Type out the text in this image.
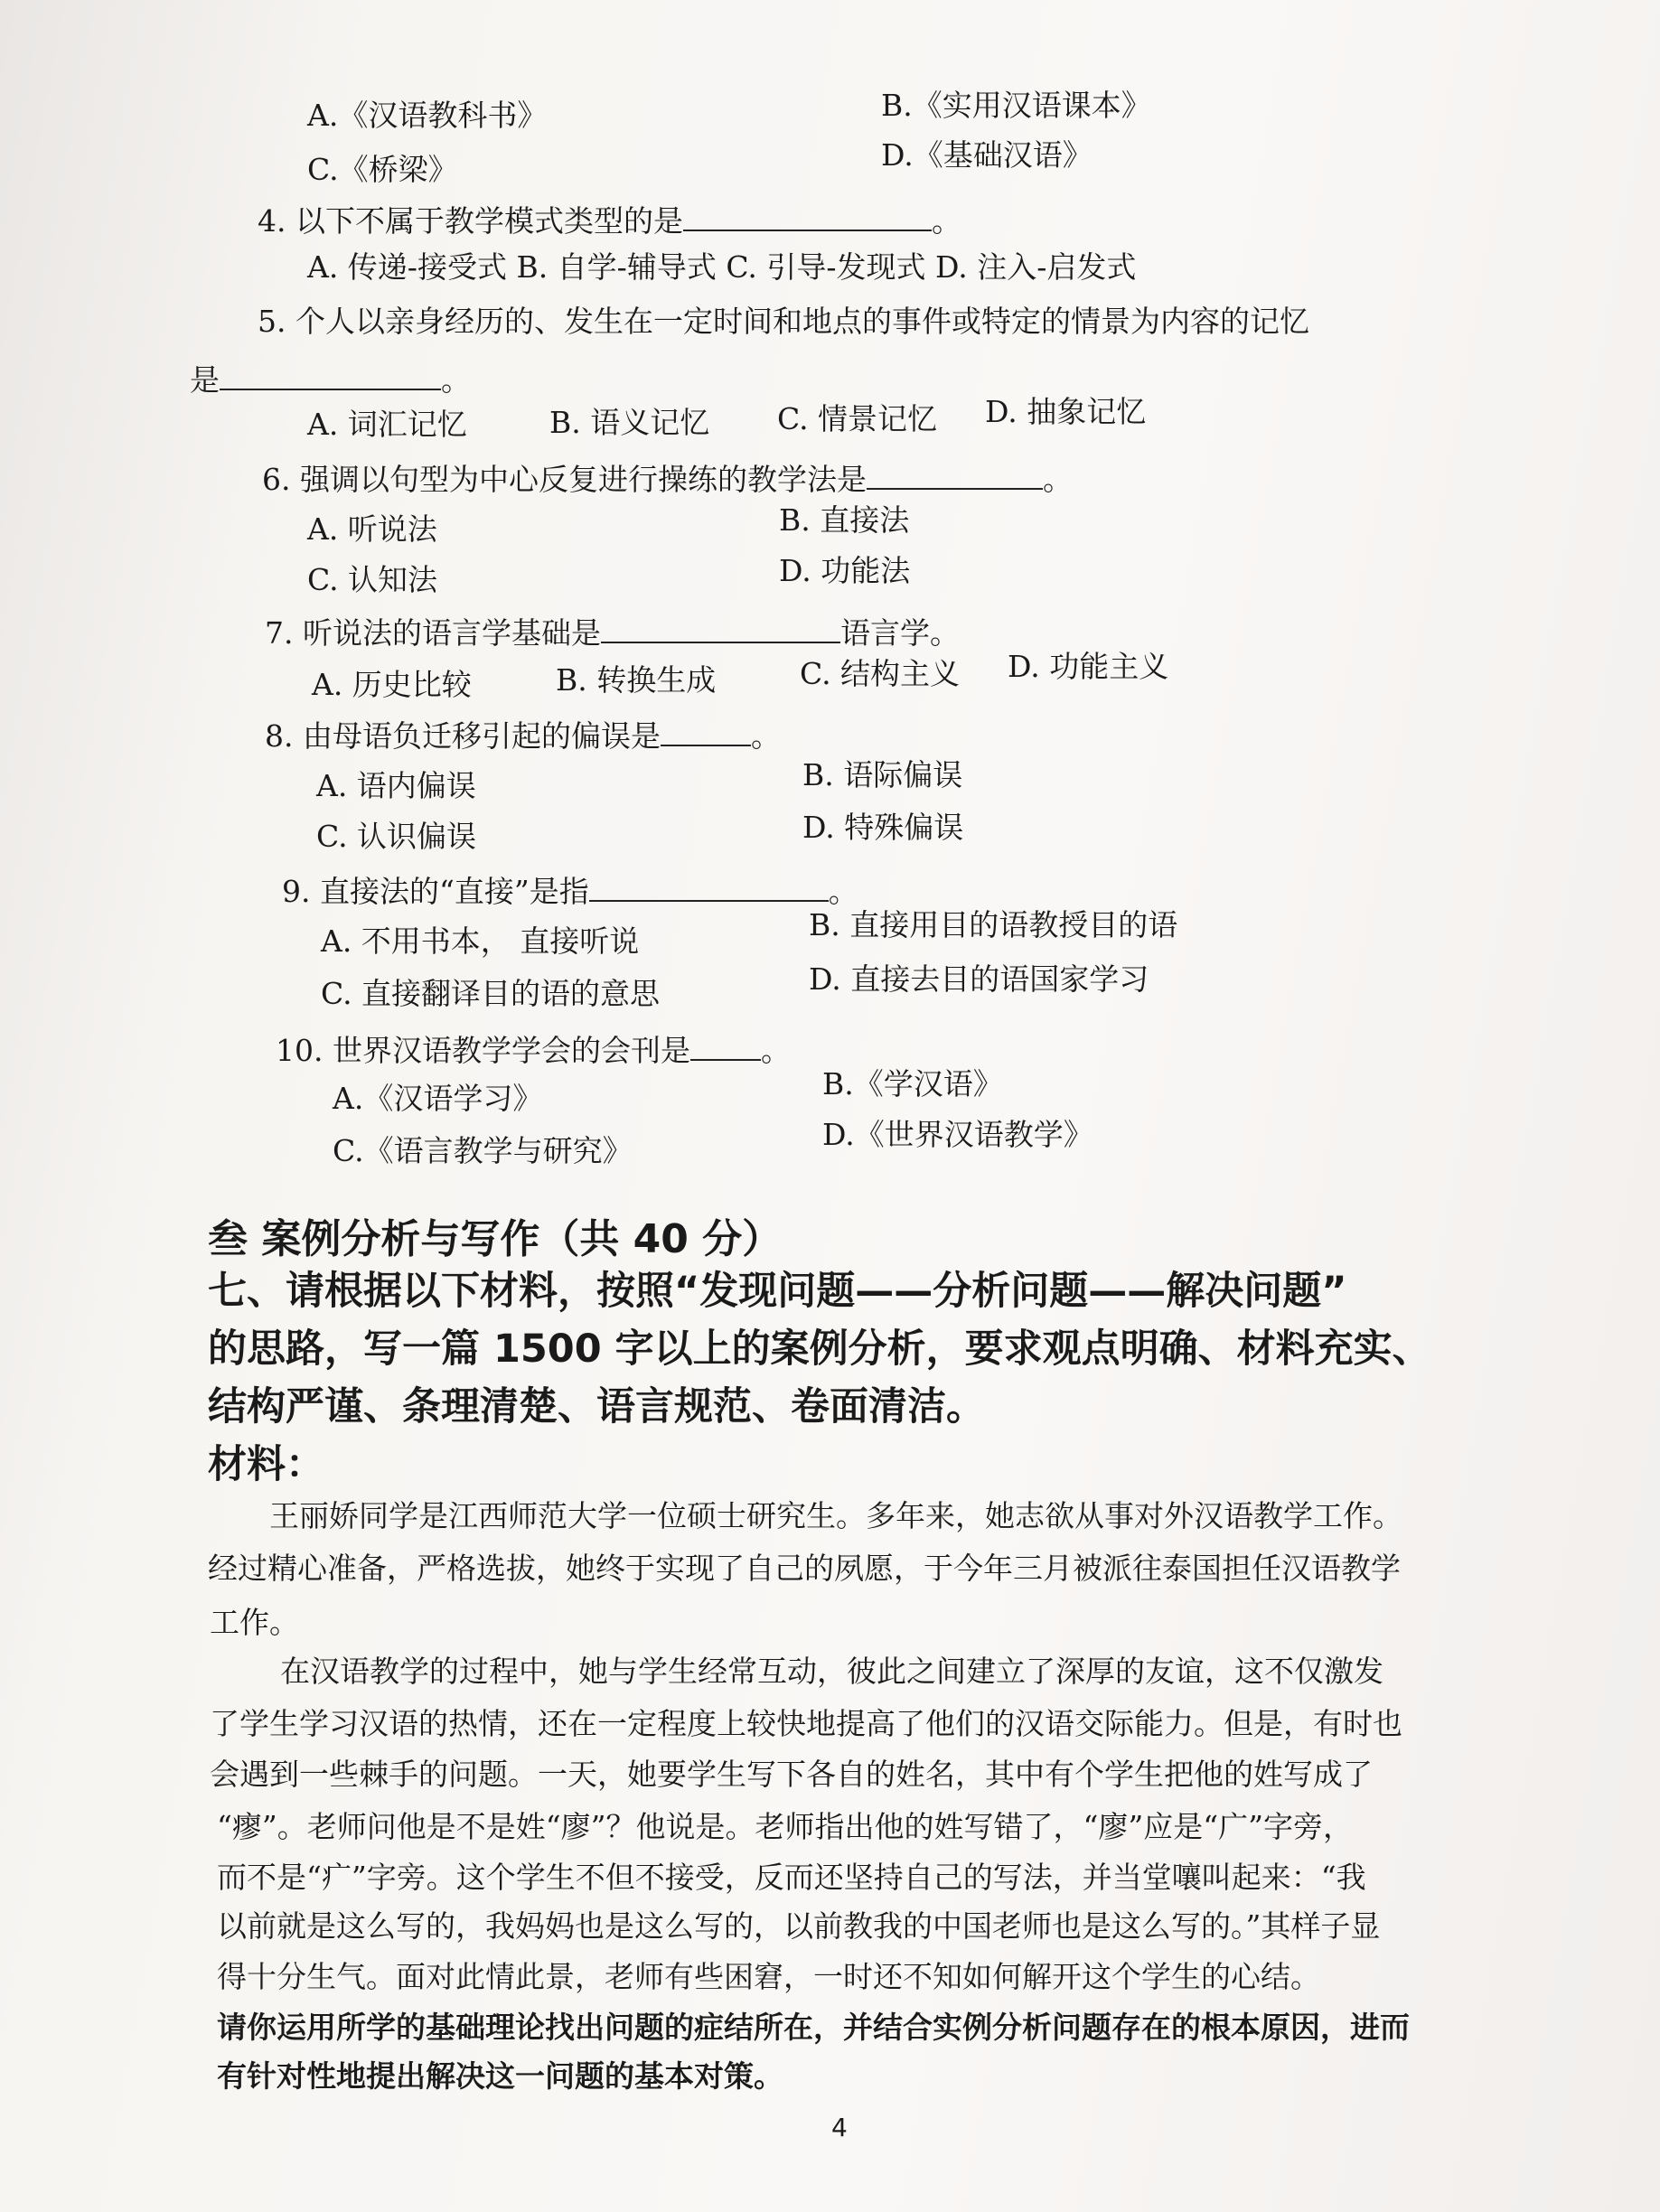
A.《汉语教科书》	B.《实用汉语课本》
C.《桥梁》	D.《基础汉语》
4. 以下不属于教学模式类型的是	。
A. 传递-接受式 B. 自学-辅导式 C. 引导-发现式 D. 注入-启发式
5. 个人以亲身经历的、发生在一定时间和地点的事件或特定的情景为内容的记忆
是	。
A. 词汇记忆	B. 语义记忆 C. 情景记忆 D. 抽象记忆
6. 强调以句型为中心反复进行操练的教学法是	。
A. 听说法	B. 直接法
C. 认知法	D. 功能法
7. 听说法的语言学基础是	语言学。
A. 历史比较	B. 转换生成	C. 结构主义 D. 功能主义
8. 由母语负迁移引起的偏误是	。
A. 语内偏误	B. 语际偏误
C. 认识偏误	D. 特殊偏误
9. 直接法的“直接”是指	。
A. 不用书本， 直接听说	B. 直接用目的语教授目的语
C. 直接翻译目的语的意思	D. 直接去目的语国家学习
10. 世界汉语教学学会的会刊是 。
A.《汉语学习》	B.《学汉语》
C.《语言教学与研究》	D.《世界汉语教学》
叁 案例分析与写作（共 40 分）
七、请根据以下材料，按照“发现问题——分析问题——解决问题”
的思路，写一篇 1500 字以上的案例分析，要求观点明确、材料充实、
结构严谨、条理清楚、语言规范、卷面清洁。
材料：
王丽娇同学是江西师范大学一位硕士研究生。多年来，她志欲从事对外汉语教学工作。
经过精心准备，严格选拔，她终于实现了自己的夙愿，于今年三月被派往泰国担任汉语教学
工作。
在汉语教学的过程中，她与学生经常互动，彼此之间建立了深厚的友谊，这不仅激发
了学生学习汉语的热情，还在一定程度上较快地提高了他们的汉语交际能力。但是，有时也
会遇到一些棘手的问题。一天，她要学生写下各自的姓名，其中有个学生把他的姓写成了
“瘳”。老师问他是不是姓“廖”？他说是。老师指出他的姓写错了，“廖”应是“广”字旁，
而不是“疒”字旁。这个学生不但不接受，反而还坚持自己的写法，并当堂嚷叫起来：“我
以前就是这么写的，我妈妈也是这么写的，以前教我的中国老师也是这么写的。”其样子显
得十分生气。面对此情此景，老师有些困窘，一时还不知如何解开这个学生的心结。
请你运用所学的基础理论找出问题的症结所在，并结合实例分析问题存在的根本原因，进而
有针对性地提出解决这一问题的基本对策。
4
